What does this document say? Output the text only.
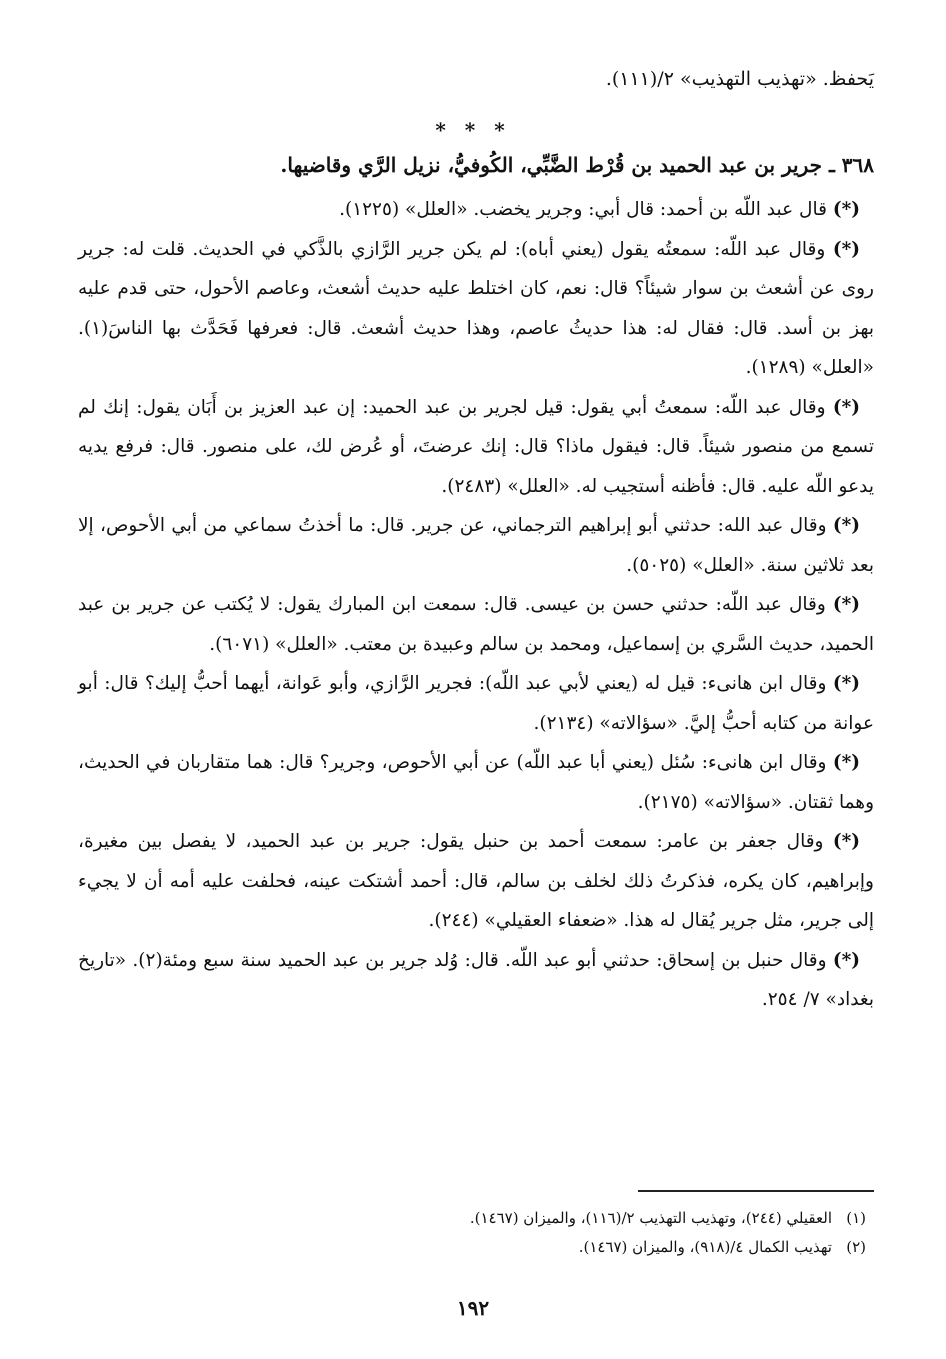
يَحفظ. «تهذيب التهذيب» ٢/(١١١).
* * *
٣٦٨ ـ جرير بن عبد الحميد بن قُرْط الضَّبِّي، الكُوفيُّ، نزيل الرَّي وقاضيها.

(*) قال عبد اللّه بن أحمد: قال أبي: وجرير يخضب. «العلل» (١٢٢٥).

(*) وقال عبد اللّه: سمعتُه يقول (يعني أباه): لم يكن جرير الرَّازي بالذَّكي في الحديث. قلت له: جرير روى عن أشعث بن سوار شيئاً؟ قال: نعم، كان اختلط عليه حديث أشعث، وعاصم الأحول، حتى قدم عليه بهز بن أسد. قال: فقال له: هذا حديثُ عاصم، وهذا حديث أشعث. قال: فعرفها فَحَدَّث بها الناسَ(١). «العلل» (١٢٨٩).

(*) وقال عبد اللّه: سمعتُ أبي يقول: قيل لجرير بن عبد الحميد: إن عبد العزيز بن أَبَان يقول: إنك لم تسمع من منصور شيئاً. قال: فيقول ماذا؟ قال: إنك عرضتَ، أو عُرض لك، على منصور. قال: فرفع يديه يدعو اللّه عليه. قال: فأظنه أستجيب له. «العلل» (٢٤٨٣).

(*) وقال عبد الله: حدثني أبو إبراهيم الترجماني، عن جرير. قال: ما أخذتُ سماعي من أبي الأحوص، إلا بعد ثلاثين سنة. «العلل» (٥٠٢٥).

(*) وقال عبد اللّه: حدثني حسن بن عيسى. قال: سمعت ابن المبارك يقول: لا يُكتب عن جرير بن عبد الحميد، حديث السَّري بن إسماعيل، ومحمد بن سالم وعبيدة بن معتب. «العلل» (٦٠٧١).

(*) وقال ابن هانىء: قيل له (يعني لأبي عبد اللّه): فجرير الرَّازي، وأبو عَوانة، أيهما أحبُّ إليك؟ قال: أبو عوانة من كتابه أحبُّ إليَّ. «سؤالاته» (٢١٣٤).

(*) وقال ابن هانىء: سُئل (يعني أبا عبد اللّه) عن أبي الأحوص، وجرير؟ قال: هما متقاربان في الحديث، وهما ثقتان. «سؤالاته» (٢١٧٥).

(*) وقال جعفر بن عامر: سمعت أحمد بن حنبل يقول: جرير بن عبد الحميد، لا يفصل بين مغيرة، وإبراهيم، كان يكره، فذكرتُ ذلك لخلف بن سالم، قال: أحمد أشتكت عينه، فحلفت عليه أمه أن لا يجيء إلى جرير، مثل جرير يُقال له هذا. «ضعفاء العقيلي» (٢٤٤).

(*) وقال حنبل بن إسحاق: حدثني أبو عبد اللّه. قال: وُلد جرير بن عبد الحميد سنة سبع ومئة(٢). «تاريخ بغداد» ٧/ ٢٥٤.

(١)العقيلي (٢٤٤)، وتهذيب التهذيب ٢/(١١٦)، والميزان (١٤٦٧).

(٢)تهذيب الكمال ٤/(٩١٨)، والميزان (١٤٦٧).

١٩٢
